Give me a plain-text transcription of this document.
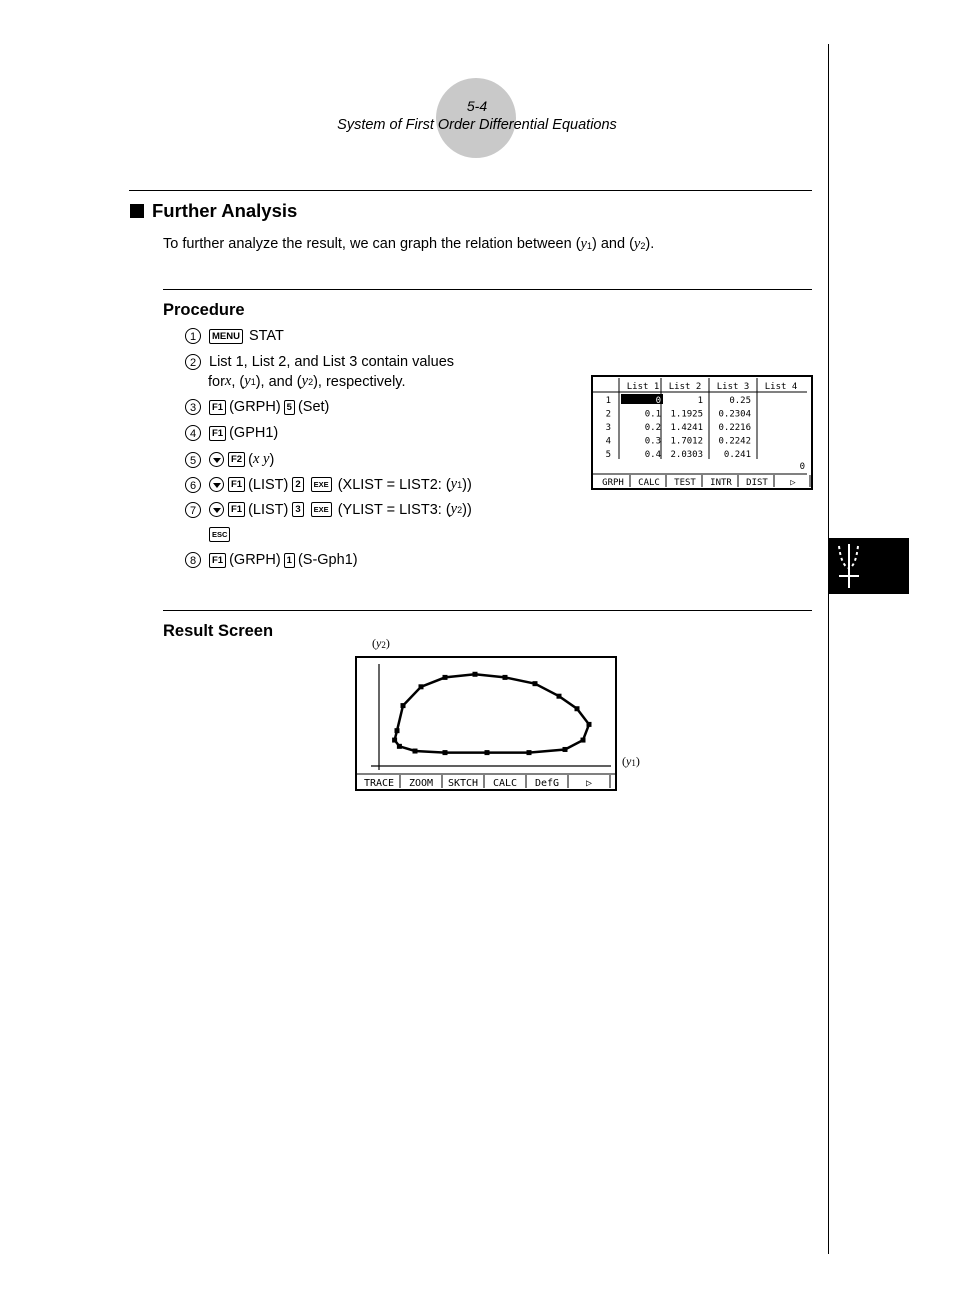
5-4
System of First Order Differential Equations
Further Analysis
To further analyze the result, we can graph the relation between $(y_1)$ and $(y_2)$.
Procedure
1	MENU STAT
2 List 1, List 2, and List 3 contain values
for x , ( y 1 ), and ( y 2 ), respectively.
3	F1 (GRPH) 5 (Set)
4	F1 (GPH1)
5	F2 ( x y )
6	F1 (LIST) 2	EXE (XLIST = LIST2: ( y 1 ))
7	F1 (LIST) 3	EXE (YLIST = LIST3: ( y 2 ))
ESC
8	F1 (GRPH) 1 (S-Gph1)
List 1 List 2 List 3 List 4
1	0	1	0.25
2	0.1 1.1925 0.2304
3	0.2 1.4241 0.2216
4	0.3 1.7012 0.2242
5	0.4 2.0303 0.241
0
GRPH CALC TEST INTR DIST ▷
Result Screen
$(y_2)$
$(y_1)$
TRACE ZOOM SKTCH CALC DefG	▷
